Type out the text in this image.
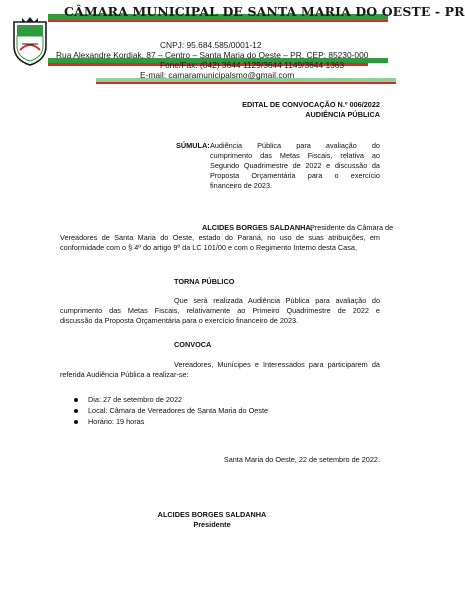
CÂMARA MUNICIPAL DE SANTA MARIA DO OESTE - PR
CNPJ: 95.684.585/0001-12
Rua Alexandre Kordiak, 87 – Centro – Santa Maria do Oeste – PR, CEP: 85230-000
Fone/Fax: (042) 3644 1129/3644 1149/3644 1363
E-mail: camaramunicipalsmo@gmail.com
EDITAL DE CONVOCAÇÃO N.º 006/2022
AUDIÊNCIA PÚBLICA
SÚMULA: Audiência Pública para avaliação do
cumprimento das Metas Fiscais, relativa ao
Segundo Quadrimestre de 2022 e discussão da
Proposta Orçamentária para o exercício
financeiro de 2023.
ALCIDES BORGES SALDANHA,
Presidente da Câmara de
Vereadores de Santa Maria do Oeste, estado do Paraná, no uso de suas atribuições, em
conformidade com o § 4º do artigo 9º da LC 101/00 e com o Regimento Interno desta Casa,
TORNA PÚBLICO
Que será realizada Audiência Pública para avaliação do
cumprimento das Metas Fiscais, relativamente ao Primeiro Quadrimestre de 2022 e
discussão da Proposta Orçamentária para o exercício financeiro de 2023.
CONVOCA
Vereadores, Munícipes e Interessados para participarem da
referida Audiência Pública a realizar-se:
Dia: 27 de setembro de 2022
Local: Câmara de Vereadores de Santa Maria do Oeste
Horário: 19 horas
Santa Maria do Oeste, 22 de setembro de 2022.
ALCIDES BORGES SALDANHA
Presidente
